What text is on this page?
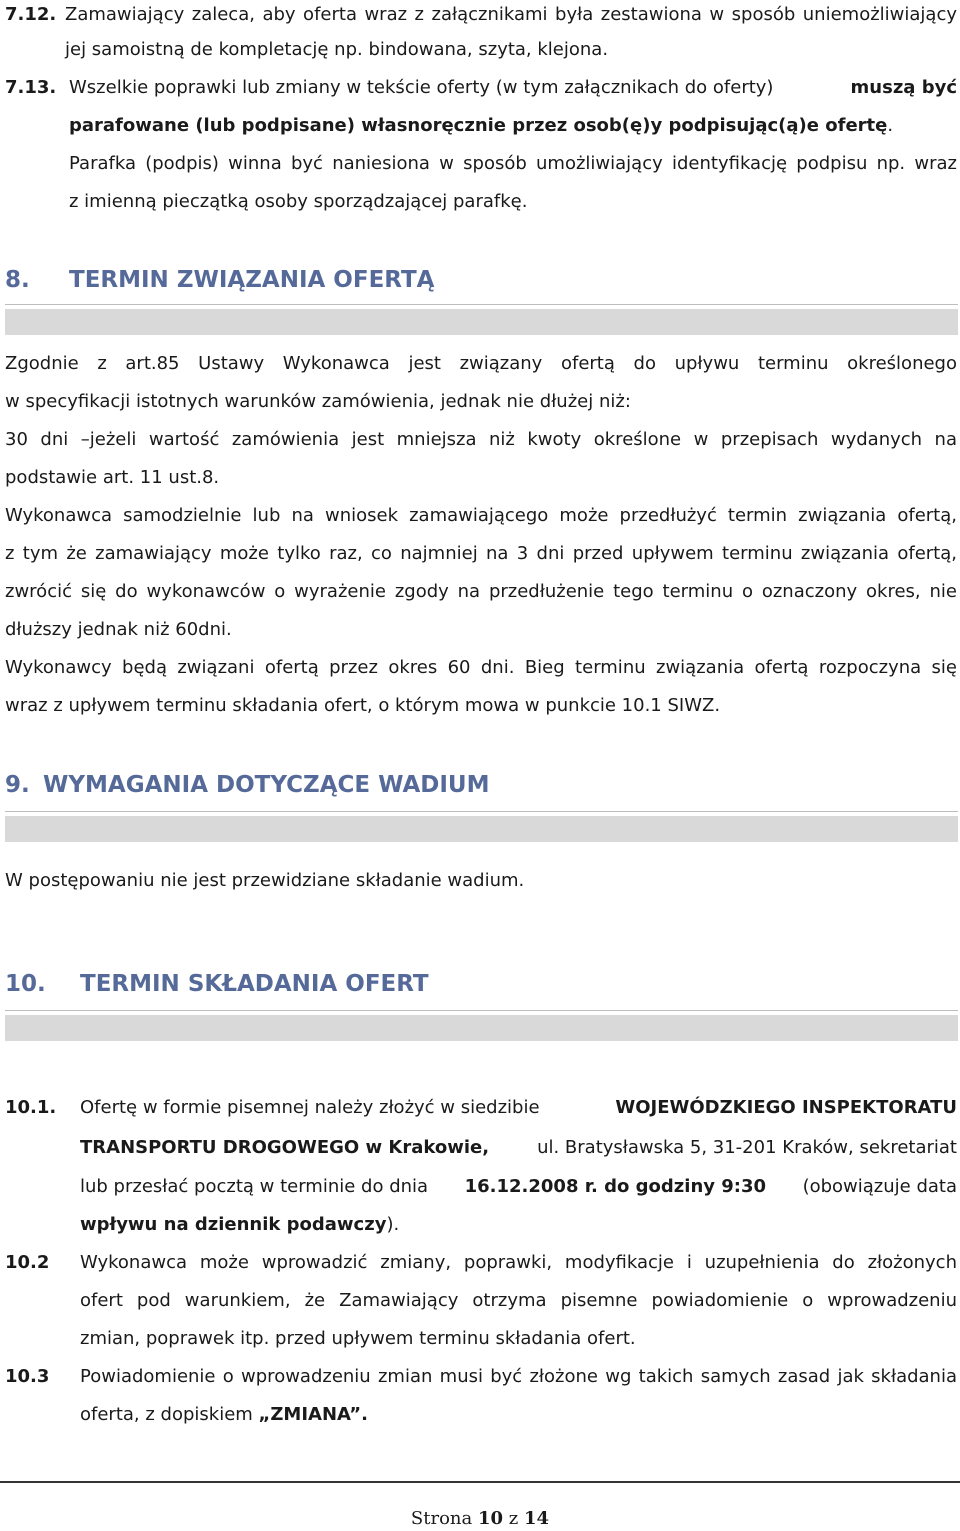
7.12. Zamawiający zaleca, aby oferta wraz z załącznikami była zestawiona w sposób uniemożliwiający
jej samoistną de kompletację np. bindowana, szyta, klejona.
7.13. Wszelkie poprawki lub zmiany w tekście oferty (w tym załącznikach do oferty)	muszą być
parafowane (lub podpisane) własnoręcznie przez osob(ę)y podpisując(ą)e ofertę.
Parafka (podpis) winna być naniesiona w sposób umożliwiający identyfikację podpisu np. wraz
z imienną pieczątką osoby sporządzającej parafkę.
8. TERMIN ZWIĄZANIA OFERTĄ
Zgodnie z art.85 Ustawy Wykonawca jest związany ofertą do upływu terminu określonego
w specyfikacji istotnych warunków zamówienia, jednak nie dłużej niż:
30 dni –jeżeli wartość zamówienia jest mniejsza niż kwoty określone w przepisach wydanych na
podstawie art. 11 ust.8.
Wykonawca samodzielnie lub na wniosek zamawiającego może przedłużyć termin związania ofertą,
z tym że zamawiający może tylko raz, co najmniej na 3 dni przed upływem terminu związania ofertą,
zwrócić się do wykonawców o wyrażenie zgody na przedłużenie tego terminu o oznaczony okres, nie
dłuższy jednak niż 60dni.
Wykonawcy będą związani ofertą przez okres 60 dni. Bieg terminu związania ofertą rozpoczyna się
wraz z upływem terminu składania ofert, o którym mowa w punkcie 10.1 SIWZ.
9. WYMAGANIA DOTYCZĄCE WADIUM
W postępowaniu nie jest przewidziane składanie wadium.
10. TERMIN SKŁADANIA OFERT
10.1. Ofertę w formie pisemnej należy złożyć w siedzibie	WOJEWÓDZKIEGO INSPEKTORATU
TRANSPORTU DROGOWEGO w Krakowie,	ul. Bratysławska 5, 31-201 Kraków, sekretariat
lub przesłać pocztą w terminie do dnia 16.12.2008 r. do godziny 9:30 (obowiązuje data
wpływu na dziennik podawczy).
10.2 Wykonawca może wprowadzić zmiany, poprawki, modyfikacje i uzupełnienia do złożonych
ofert pod warunkiem, że Zamawiający otrzyma pisemne powiadomienie o wprowadzeniu
zmian, poprawek itp. przed upływem terminu składania ofert.
10.3 Powiadomienie o wprowadzeniu zmian musi być złożone wg takich samych zasad jak składania
oferta, z dopiskiem „ZMIANA”.
Strona 10 z 14
